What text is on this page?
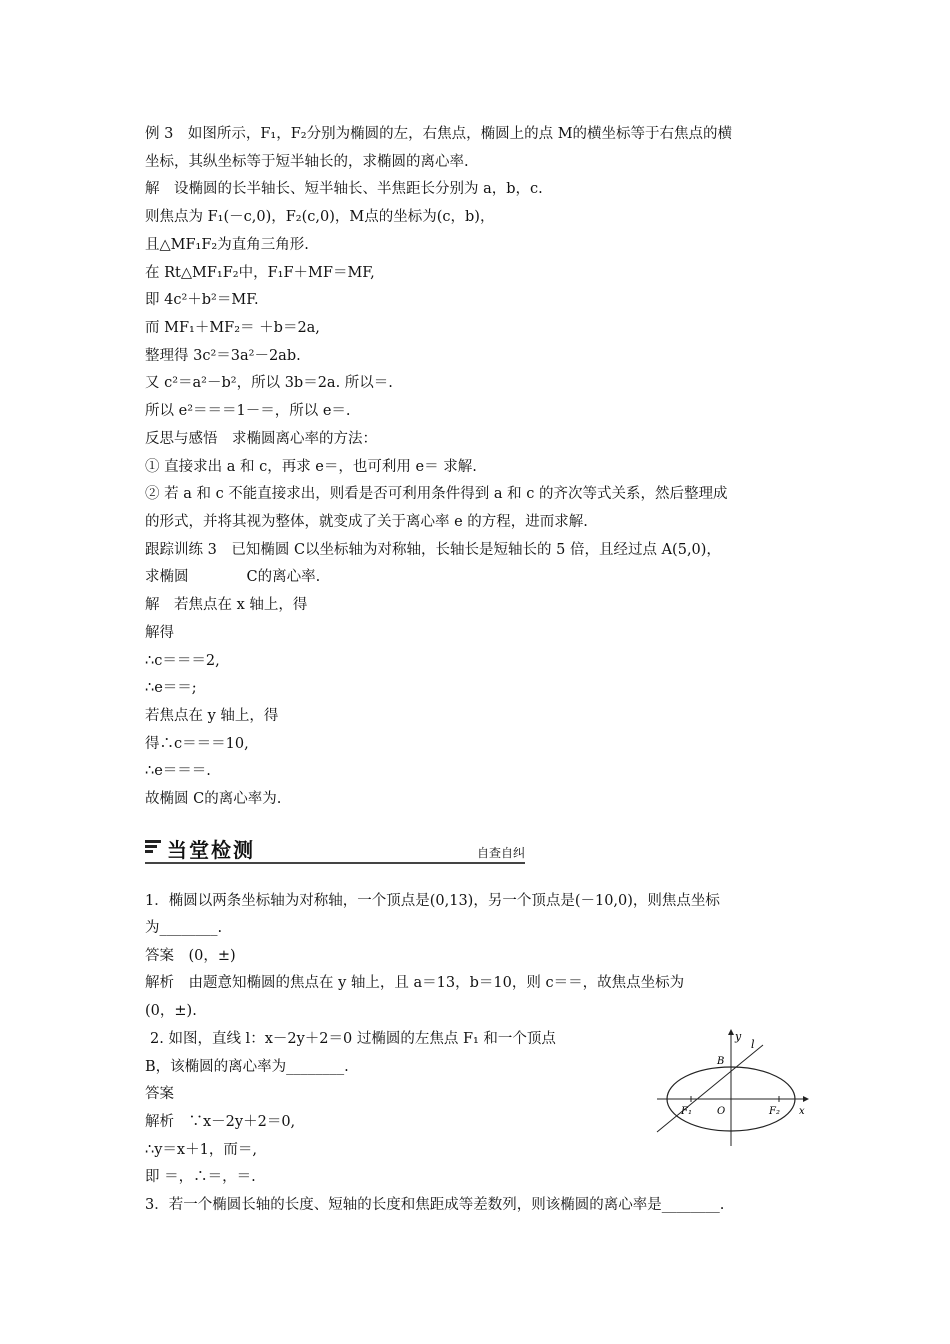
例 3　如图所示，F₁，F₂分别为椭圆的左，右焦点，椭圆上的点 M的横坐标等于右焦点的横
坐标，其纵坐标等于短半轴长的，求椭圆的离心率.
解　设椭圆的长半轴长、短半轴长、半焦距长分别为 a，b，c.
则焦点为 F₁(－c,0)，F₂(c,0)，M点的坐标为(c，b)，
且△MF₁F₂为直角三角形.
在 Rt△MF₁F₂中，F₁F＋MF＝MF,
即 4c²＋b²＝MF.
而 MF₁＋MF₂＝ ＋b＝2a,
整理得 3c²＝3a²－2ab.
又 c²＝a²－b²，所以 3b＝2a. 所以＝.
所以 e²＝＝＝1－＝，所以 e＝.
反思与感悟　求椭圆离心率的方法：
① 直接求出 a 和 c，再求 e＝，也可利用 e＝ 求解.
② 若 a 和 c 不能直接求出，则看是否可利用条件得到 a 和 c 的齐次等式关系，然后整理成
的形式，并将其视为整体，就变成了关于离心率 e 的方程，进而求解.
跟踪训练 3　已知椭圆 C以坐标轴为对称轴，长轴长是短轴长的 5 倍，且经过点 A(5,0)，
求椭圆　　　　C的离心率.
解　若焦点在 x 轴上，得
解得
∴c＝＝＝2,
∴e＝＝;
若焦点在 y 轴上，得
得∴c＝＝＝10,
∴e＝＝＝.
故椭圆 C的离心率为.
当堂检测	自查自纠
1．椭圆以两条坐标轴为对称轴，一个顶点是(0,13)，另一个顶点是(－10,0)，则焦点坐标
为________.
答案　(0，±)
解析　由题意知椭圆的焦点在 y 轴上，且 a＝13，b＝10，则 c＝＝，故焦点坐标为
(0，±).
2. 如图，直线 l：x－2y＋2＝0 过椭圆的左焦点 F₁ 和一个顶点
B，该椭圆的离心率为________.
答案
解析　∵x－2y＋2＝0,
∴y＝x＋1，而＝,
即 ＝，∴＝，＝.
3．若一个椭圆长轴的长度、短轴的长度和焦距成等差数列，则该椭圆的离心率是________.
y
l
B
F₁	O	F₂ x
